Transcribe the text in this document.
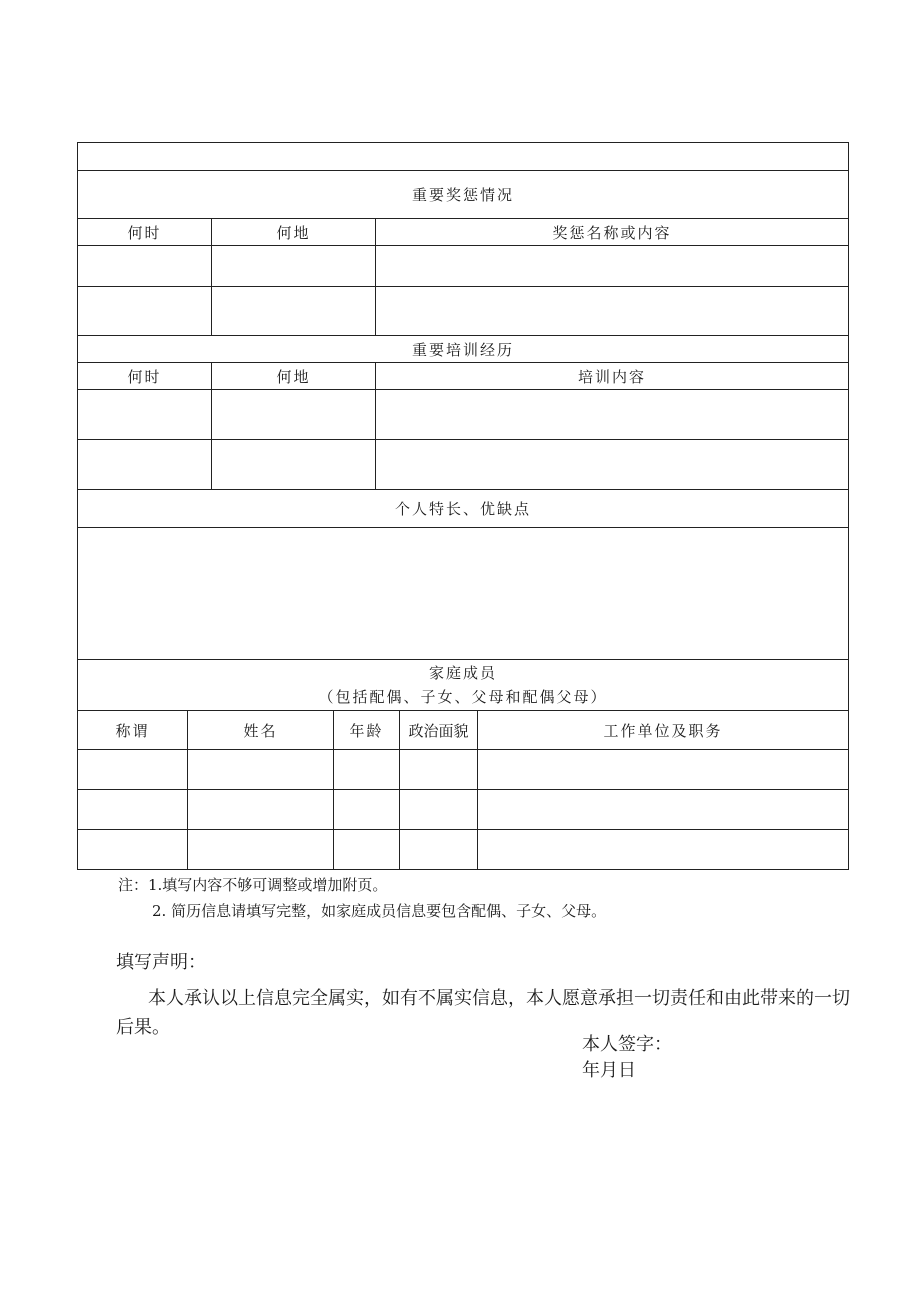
重要奖惩情况						
何时		何地		奖惩名称或内容		

重要培训经历						
何时		何地		培训内容		

个人特长、优缺点						

家庭成员
（包括配偶、子女、父母和配偶父母）						

称谓	姓名		年龄		政治面貌	工作单位及职务

注：1.填写内容不够可调整或增加附页。
2. 简历信息请填写完整，如家庭成员信息要包含配偶、子女、父母。
填写声明：
本人承认以上信息完全属实，如有不属实信息，本人愿意承担一切责任和由此带来的一切后果。
本人签字：
年月日
